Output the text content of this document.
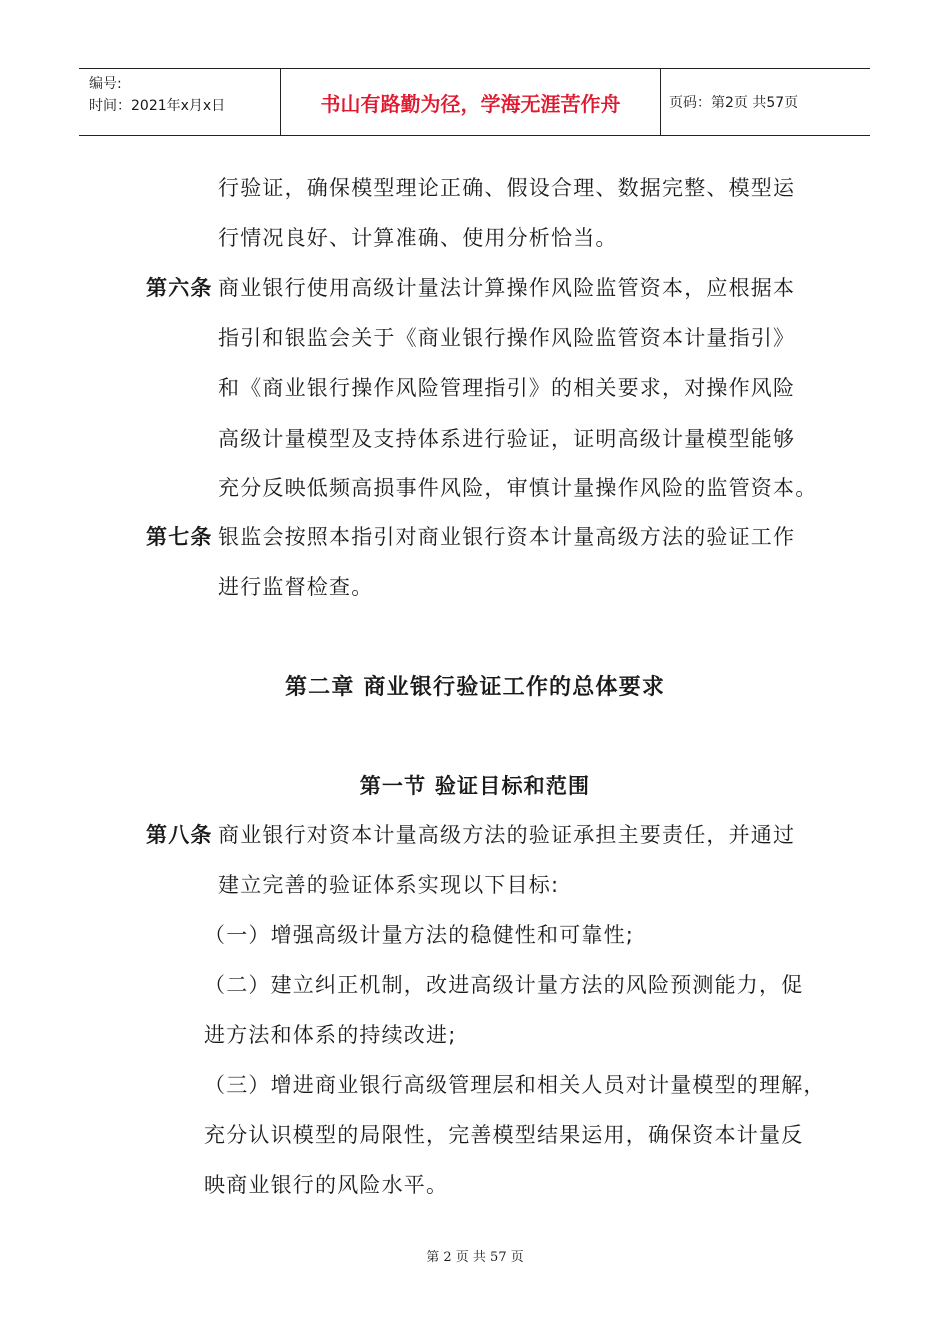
编号:
时间：2021年x月x日	书山有路勤为径，学海无涯苦作舟	页码：第2页 共57页
行验证，确保模型理论正确、假设合理、数据完整、模型运
行情况良好、计算准确、使用分析恰当。
第六条 商业银行使用高级计量法计算操作风险监管资本，应根据本
指引和银监会关于《商业银行操作风险监管资本计量指引》
和《商业银行操作风险管理指引》的相关要求，对操作风险
高级计量模型及支持体系进行验证，证明高级计量模型能够
充分反映低频高损事件风险，审慎计量操作风险的监管资本。
第七条 银监会按照本指引对商业银行资本计量高级方法的验证工作
进行监督检查。
第二章 商业银行验证工作的总体要求
第一节 验证目标和范围
第八条 商业银行对资本计量高级方法的验证承担主要责任，并通过
建立完善的验证体系实现以下目标:
（一）增强高级计量方法的稳健性和可靠性;
（二）建立纠正机制，改进高级计量方法的风险预测能力，促
进方法和体系的持续改进;
（三）增进商业银行高级管理层和相关人员对计量模型的理解，
充分认识模型的局限性，完善模型结果运用，确保资本计量反
映商业银行的风险水平。
第 2 页 共 57 页
